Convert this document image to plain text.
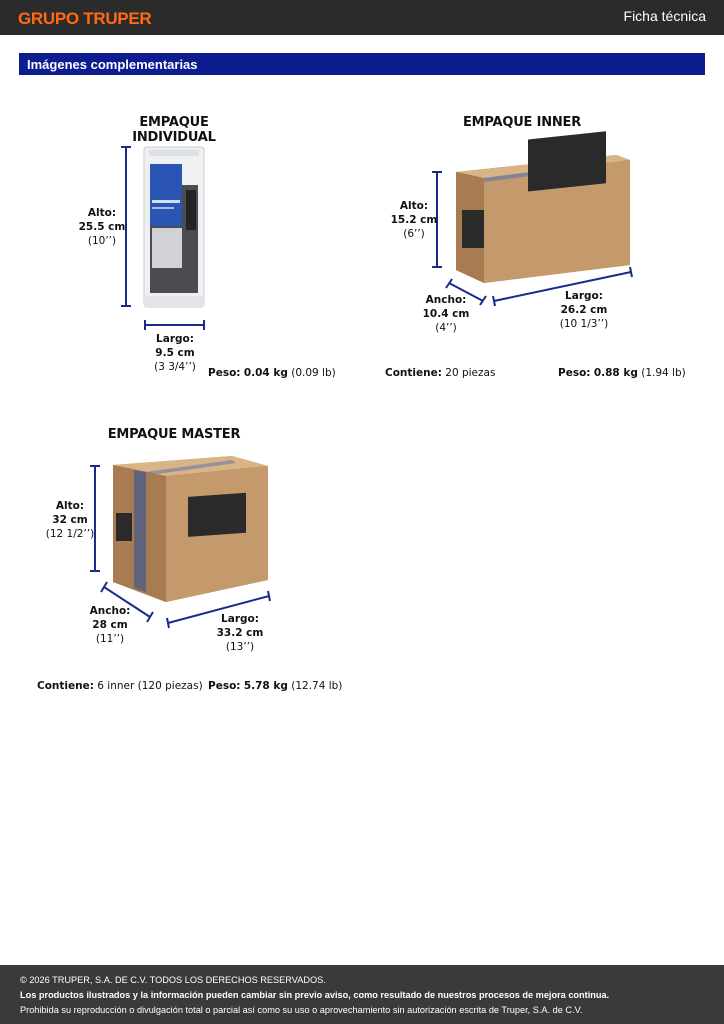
GRUPO TRUPER	Ficha técnica
Imágenes complementarias
EMPAQUE INDIVIDUAL
Alto:
25.5 cm
(10’’)
Largo:
9.5 cm
(3 3/4’’)	Peso: 0.04 kg (0.09 lb)
EMPAQUE INNER
Alto:
15.2 cm
(6’’)
Ancho:
10.4 cm
(4’’)
Largo:
26.2 cm
(10 1/3’’)
Contiene: 20 piezas	Peso: 0.88 kg (1.94 lb)
EMPAQUE MASTER
Alto:
32 cm
(12 1/2’’)
Ancho:
28 cm
(11’’)
Largo:
33.2 cm
(13’’)
Contiene: 6 inner (120 piezas) Peso: 5.78 kg (12.74 lb)
© 2026 TRUPER, S.A. DE C.V. TODOS LOS DERECHOS RESERVADOS.
Los productos ilustrados y la información pueden cambiar sin previo aviso, como resultado de nuestros procesos de mejora continua.
Prohibida su reproducción o divulgación total o parcial así como su uso o aprovechamiento sin autorización escrita de Truper, S.A. de C.V.
